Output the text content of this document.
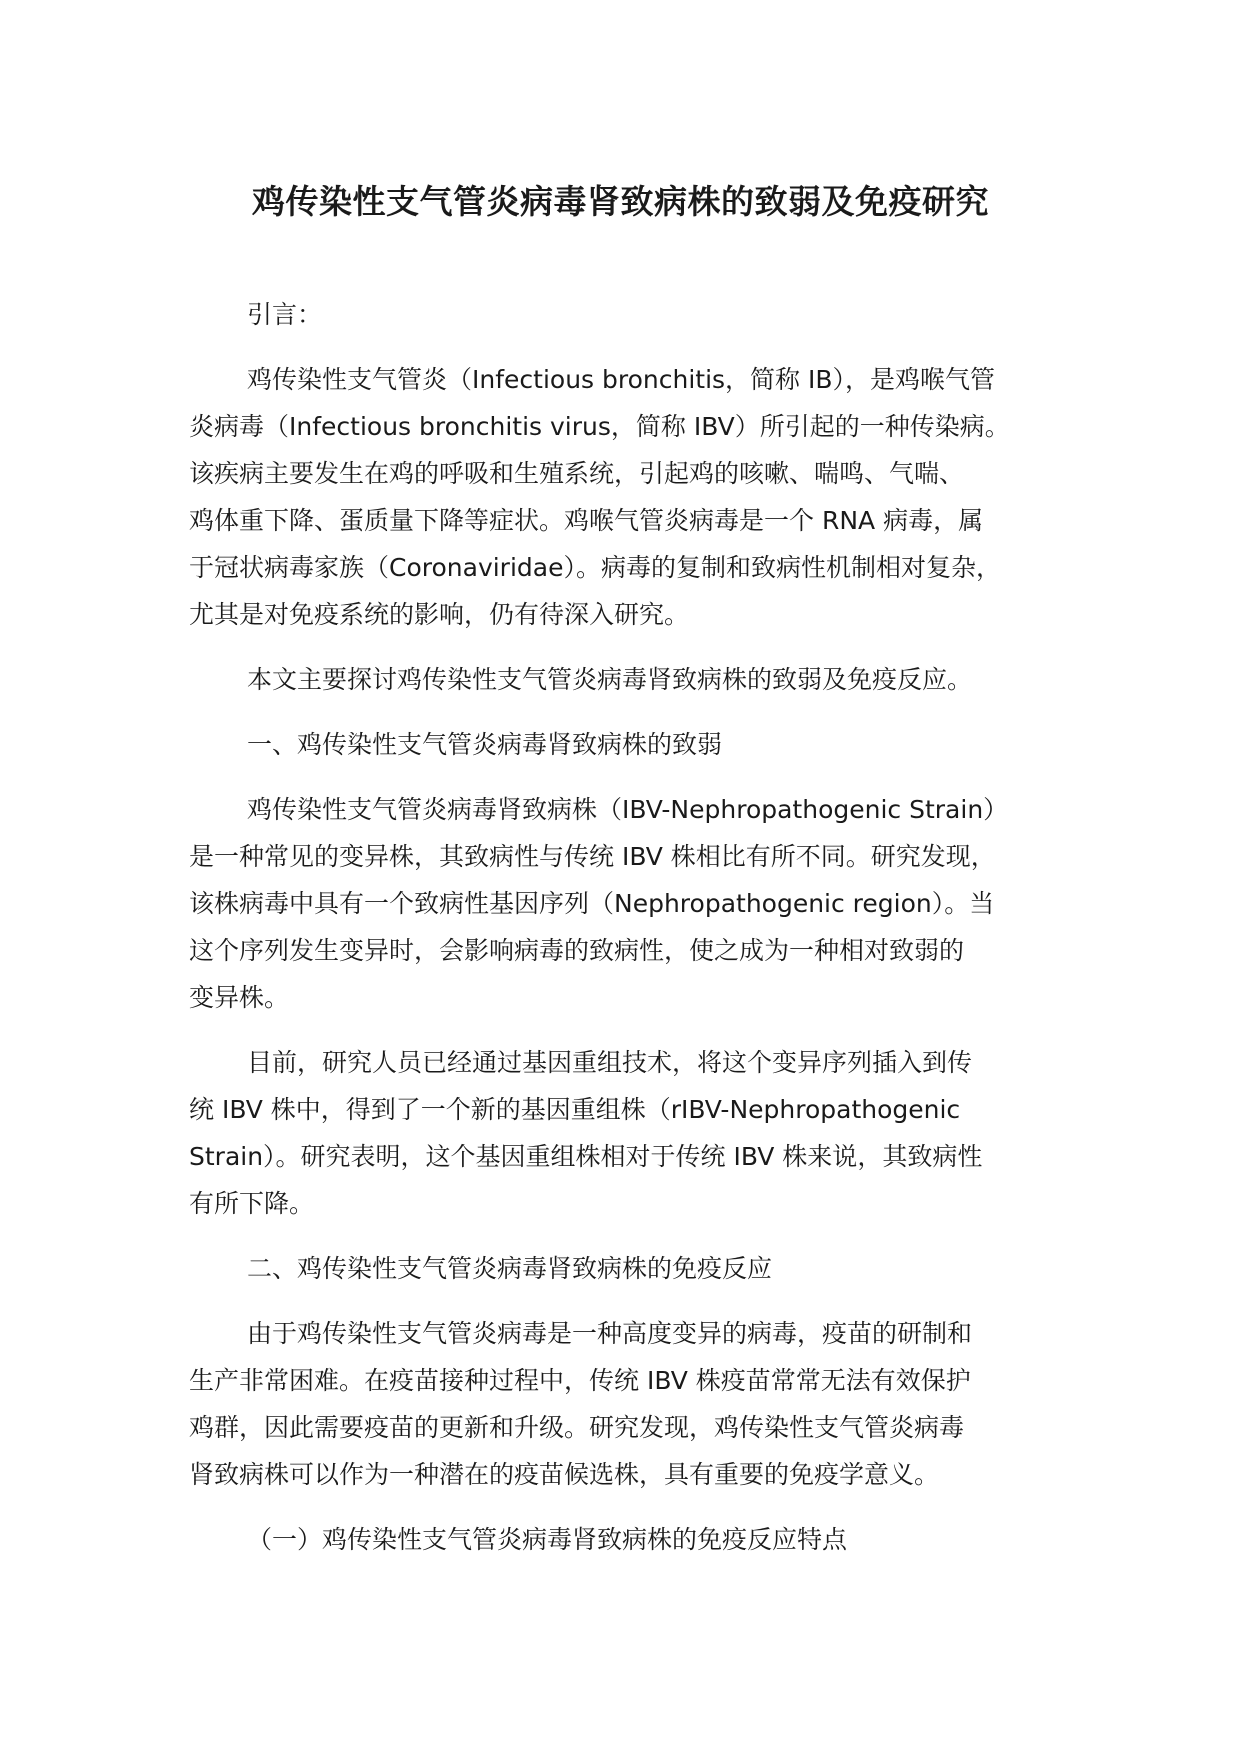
鸡传染性支气管炎病毒肾致病株的致弱及免疫研究

引言：

鸡传染性支气管炎（Infectious bronchitis，简称 IB），是鸡喉气管
炎病毒（Infectious bronchitis virus，简称 IBV）所引起的一种传染病。
该疾病主要发生在鸡的呼吸和生殖系统，引起鸡的咳嗽、喘鸣、气喘、
鸡体重下降、蛋质量下降等症状。鸡喉气管炎病毒是一个 RNA 病毒，属
于冠状病毒家族（Coronaviridae）。病毒的复制和致病性机制相对复杂，
尤其是对免疫系统的影响，仍有待深入研究。

本文主要探讨鸡传染性支气管炎病毒肾致病株的致弱及免疫反应。

一、鸡传染性支气管炎病毒肾致病株的致弱

鸡传染性支气管炎病毒肾致病株（IBV-Nephropathogenic Strain）
是一种常见的变异株，其致病性与传统 IBV 株相比有所不同。研究发现，
该株病毒中具有一个致病性基因序列（Nephropathogenic region）。当
这个序列发生变异时，会影响病毒的致病性，使之成为一种相对致弱的
变异株。

目前，研究人员已经通过基因重组技术，将这个变异序列插入到传
统 IBV 株中，得到了一个新的基因重组株（rIBV-Nephropathogenic
Strain）。研究表明，这个基因重组株相对于传统 IBV 株来说，其致病性
有所下降。

二、鸡传染性支气管炎病毒肾致病株的免疫反应

由于鸡传染性支气管炎病毒是一种高度变异的病毒，疫苗的研制和
生产非常困难。在疫苗接种过程中，传统 IBV 株疫苗常常无法有效保护
鸡群，因此需要疫苗的更新和升级。研究发现，鸡传染性支气管炎病毒
肾致病株可以作为一种潜在的疫苗候选株，具有重要的免疫学意义。

（一）鸡传染性支气管炎病毒肾致病株的免疫反应特点
